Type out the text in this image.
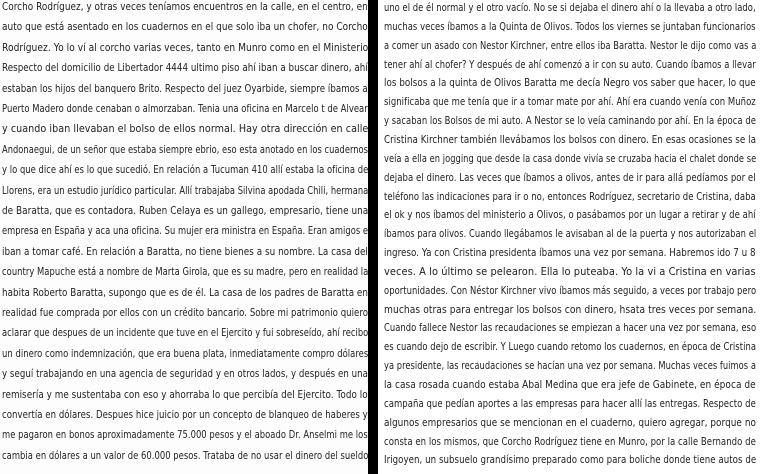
Corcho Rodríguez, y otras veces teníamos encuentros en la calle, en el centro, en
auto que está asentado en los cuadernos en el que solo iba un chofer, no Corcho
Rodríguez. Yo lo ví al corcho varias veces, tanto en Munro como en el Ministerio
Respecto del domicilio de Libertador 4444 ultimo piso ahí iban a buscar dinero, ahí
estaban los hijos del banquero Brito. Respecto del juez Oyarbide, siempre íbamos a
Puerto Madero donde cenaban o almorzaban. Tenia una oficina en Marcelo t de Alvear
y cuando iban llevaban el bolso de ellos normal. Hay otra dirección en calle
Andonaegui, de un señor que estaba siempre ebrio, eso esta anotado en los cuadernos
y lo que dice ahí es lo que sucedió. En relación a Tucuman 410 allí estaba la oficina de
Llorens, era un estudio jurídico particular. Allí trabajaba Silvina apodada Chili, hermana
de Baratta, que es contadora. Ruben Celaya es un gallego, empresario, tiene una
empresa en España y aca una oficina. Su mujer era ministra en España. Eran amigos e
iban a tomar café. En relación a Baratta, no tiene bienes a su nombre. La casa del
country Mapuche está a nombre de Marta Girola, que es su madre, pero en realidad la
habita Roberto Baratta, supongo que es de él. La casa de los padres de Baratta en
realidad fue comprada por ellos con un crédito bancario. Sobre mi patrimonio quiero
aclarar que despues de un incidente que tuve en el Ejercito y fui sobreseído, ahí recibo
un dinero como indemnización, que era buena plata, inmediatamente compro dólares
y seguí trabajando en una agencia de seguridad y en otros lados, y después en una
remisería y me sustentaba con eso y ahorraba lo que percibía del Ejercito. Todo lo
convertía en dólares. Despues hice juicio por un concepto de blanqueo de haberes y
me pagaron en bonos aproximadamente 75.000 pesos y el aboado Dr. Anselmi me los
cambia en dólares a un valor de 60.000 pesos. Trataba de no usar el dinero del sueldo
uno el de él normal y el otro vacío. No se si dejaba el dinero ahí o la llevaba a otro lado,
muchas veces íbamos a la Quinta de Olivos. Todos los viernes se juntaban funcionarios
a comer un asado con Nestor Kirchner, entre ellos iba Baratta. Nestor le dijo como vas a
tener ahí al chofer? Y después de ahí comenzó a ir con su auto. Cuando íbamos a llevar
los bolsos a la quinta de Olivos Baratta me decía Negro vos saber que hacer, lo que
significaba que me tenía que ir a tomar mate por ahí. Ahí era cuando venía con Muñoz
y sacaban los Bolsos de mi auto. A Nestor se lo veía caminando por ahí. En la época de
Cristina Kirchner también llevábamos los bolsos con dinero. En esas ocasiones se la
veía a ella en jogging que desde la casa donde vivía se cruzaba hacia el chalet donde se
dejaba el dinero. Las veces que íbamos a olivos, antes de ir para allá pedíamos por el
teléfono las indicaciones para ir o no, entonces Rodríguez, secretario de Cristina, daba
el ok y nos íbamos del ministerio a Olivos, o pasábamos por un lugar a retirar y de ahí
íbamos para olivos. Cuando llegábamos le avisaban al de la puerta y nos autorizaban el
ingreso. Ya con Cristina presidenta íbamos una vez por semana. Habremos ido 7 u 8
veces. A lo último se pelearon. Ella lo puteaba. Yo la vi a Cristina en varias
oportunidades. Con Néstor Kirchner vivo íbamos más seguido, a veces por trabajo pero
muchas otras para entregar los bolsos con dinero, hsata tres veces por semana.
Cuando fallece Nestor las recaudaciones se empiezan a hacer una vez por semana, eso
es cuando dejo de escribir. Y Luego cuando retomo los cuadernos, en época de Cristina
ya presidente, las recaudaciones se hacían una vez por semana. Muchas veces fuimos a
la casa rosada cuando estaba Abal Medina que era jefe de Gabinete, en época de
campaña que pedían aportes a las empresas para hacer allí las entregas. Respecto de
algunos empresarios que se mencionan en el cuaderno, quiero agregar, porque no
consta en los mismos, que Corcho Rodríguez tiene en Munro, por la calle Bernando de
Irigoyen, un subsuelo grandísimo preparado como para boliche donde tiene autos de
